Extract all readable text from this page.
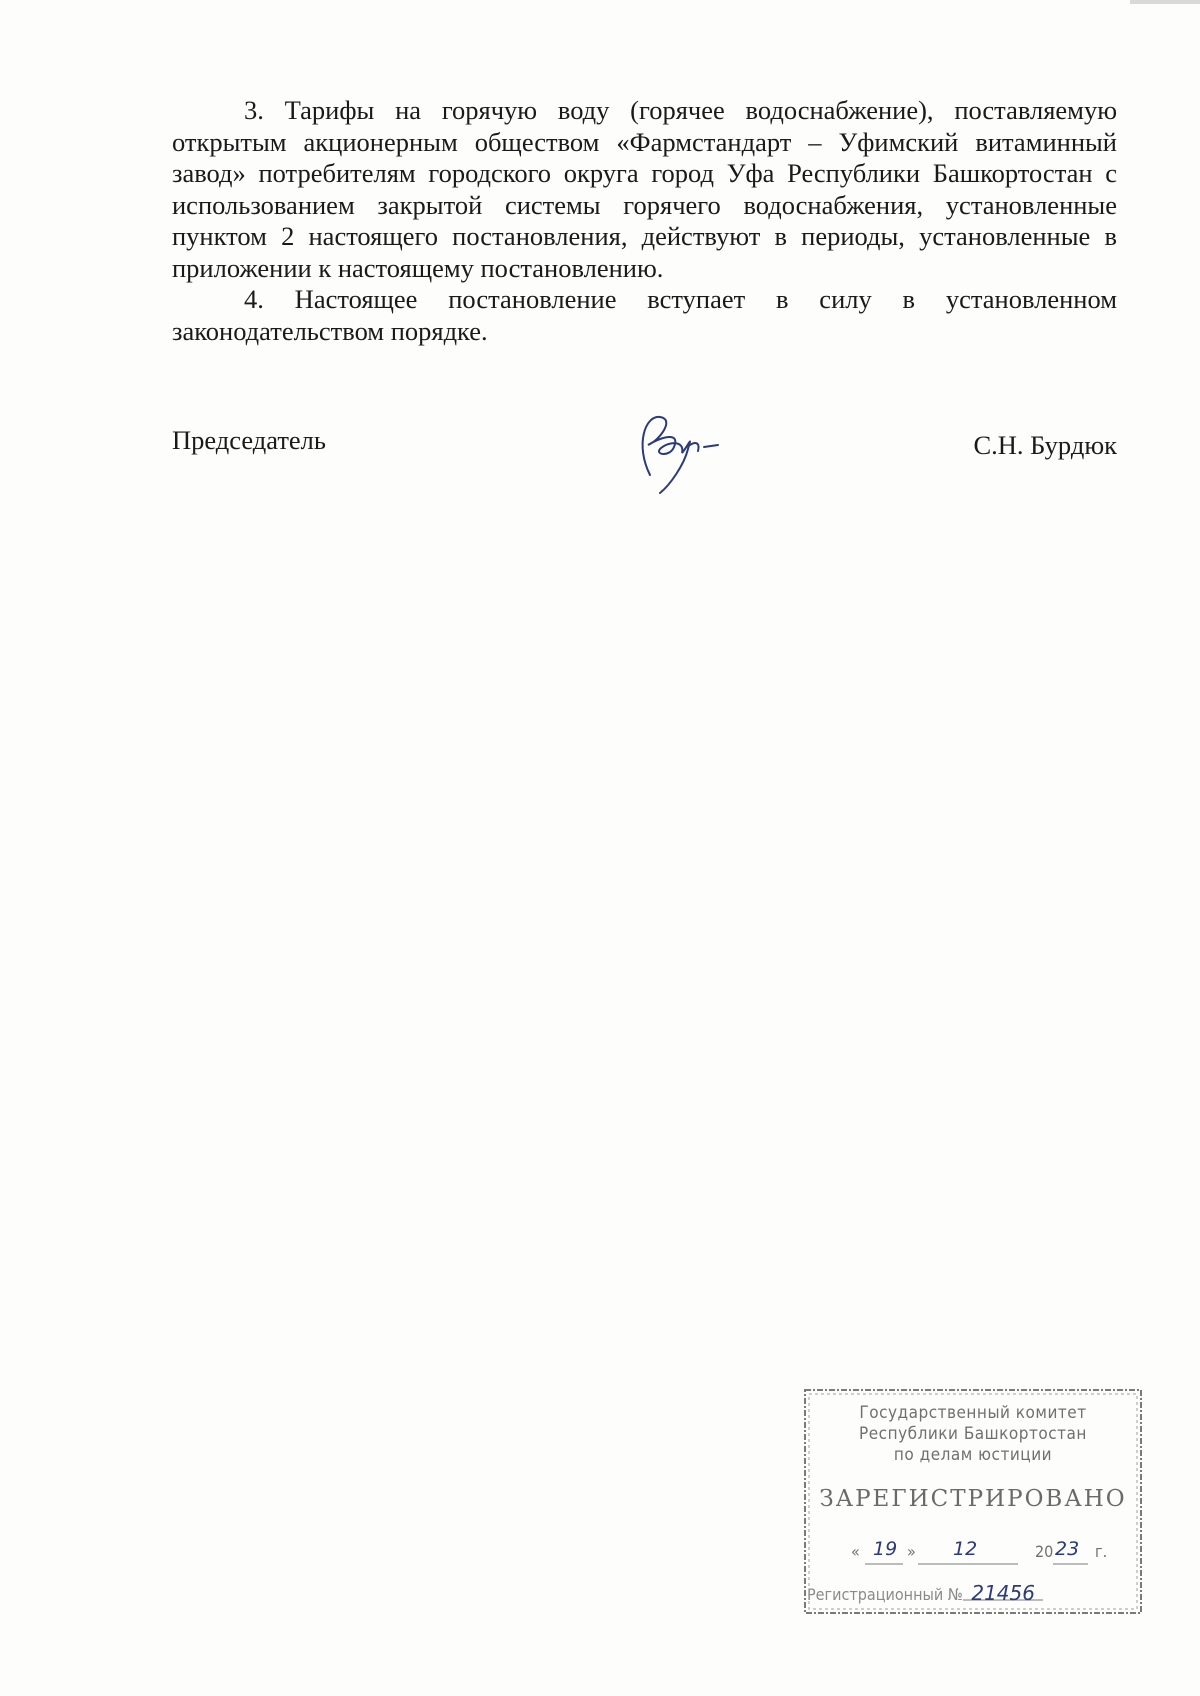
3. Тарифы на горячую воду (горячее водоснабжение), поставляемую открытым акционерным обществом «Фармстандарт – Уфимский витаминный завод» потребителям городского округа город Уфа Республики Башкортостан с использованием закрытой системы горячего водоснабжения, установленные пунктом 2 настоящего постановления, действуют в периоды, установленные в приложении к настоящему постановлению.

4. Настоящее постановление вступает в силу в установленном законодательством порядке.

Председатель	С.Н. Бурдюк
Государственный комитет
Республики Башкортостан
по делам юстиции
ЗАРЕГИСТРИРОВАНО
« 19 » 12	20 23 г.
Регистрационный № 21456
